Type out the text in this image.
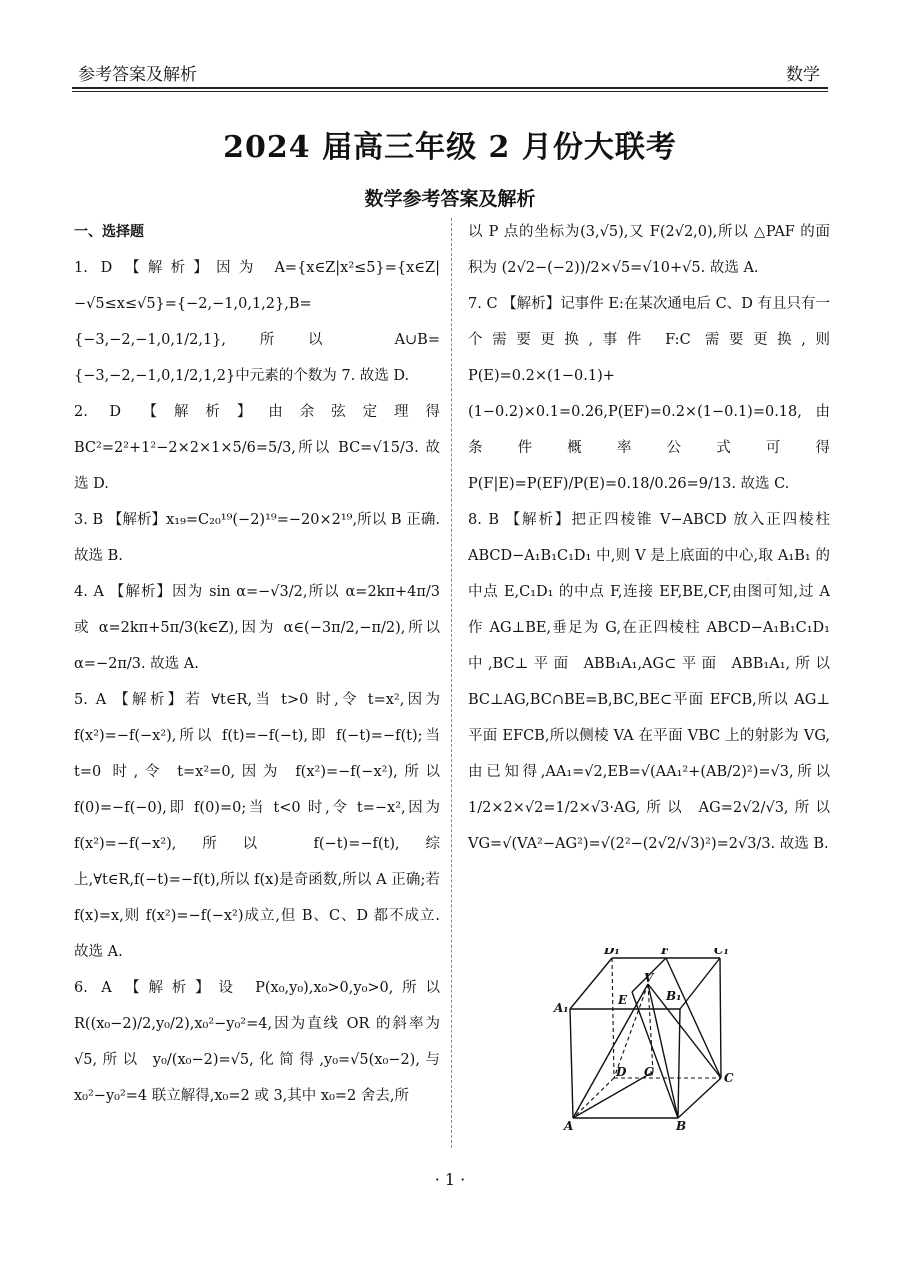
参考答案及解析	数学
2024 届高三年级 2 月份大联考
数学参考答案及解析

一、选择题

1. D 【解析】因为 A={x∈Z|x²≤5}={x∈Z|−√5≤x≤√5}={−2,−1,0,1,2},B={−3,−2,−1,0,1/2,1},所以 A∪B={−3,−2,−1,0,1/2,1,2}中元素的个数为 7. 故选 D.

2. D 【解析】由余弦定理得 BC²=2²+1²−2×2×1×5/6=5/3,所以 BC=√15/3. 故选 D.

3. B 【解析】x₁₉=C₂₀¹⁹(−2)¹⁹=−20×2¹⁹,所以 B 正确. 故选 B.

4. A 【解析】因为 sin α=−√3/2,所以 α=2kπ+4π/3 或 α=2kπ+5π/3(k∈Z),因为 α∈(−3π/2,−π/2),所以 α=−2π/3. 故选 A.

5. A 【解析】若 ∀t∈R,当 t>0 时,令 t=x²,因为 f(x²)=−f(−x²),所以 f(t)=−f(−t),即 f(−t)=−f(t);当 t=0 时,令 t=x²=0,因为 f(x²)=−f(−x²),所以 f(0)=−f(−0),即 f(0)=0;当 t<0 时,令 t=−x²,因为 f(x²)=−f(−x²),所以 f(−t)=−f(t),综上,∀t∈R,f(−t)=−f(t),所以 f(x)是奇函数,所以 A 正确;若 f(x)=x,则 f(x²)=−f(−x²)成立,但 B、C、D 都不成立. 故选 A.

6. A 【解析】设 P(x₀,y₀),x₀>0,y₀>0,所以 R((x₀−2)/2,y₀/2),x₀²−y₀²=4,因为直线 OR 的斜率为 √5,所以 y₀/(x₀−2)=√5,化简得,y₀=√5(x₀−2),与 x₀²−y₀²=4 联立解得,x₀=2 或 3,其中 x₀=2 舍去,所

以 P 点的坐标为(3,√5),又 F(2√2,0),所以 △PAF 的面积为 (2√2−(−2))/2×√5=√10+√5. 故选 A.

7. C 【解析】记事件 E:在某次通电后 C、D 有且只有一个需要更换,事件 F:C 需要更换,则 P(E)=0.2×(1−0.1)+(1−0.2)×0.1=0.26,P(EF)=0.2×(1−0.1)=0.18,由条件概率公式可得 P(F|E)=P(EF)/P(E)=0.18/0.26=9/13. 故选 C.

8. B 【解析】把正四棱锥 V−ABCD 放入正四棱柱 ABCD−A₁B₁C₁D₁ 中,则 V 是上底面的中心,取 A₁B₁ 的中点 E,C₁D₁ 的中点 F,连接 EF,BE,CF,由图可知,过 A 作 AG⊥BE,垂足为 G,在正四棱柱 ABCD−A₁B₁C₁D₁ 中,BC⊥平面 ABB₁A₁,AG⊂平面 ABB₁A₁,所以 BC⊥AG,BC∩BE=B,BC,BE⊂平面 EFCB,所以 AG⊥平面 EFCB,所以侧棱 VA 在平面 VBC 上的射影为 VG,由已知得,AA₁=√2,EB=√(AA₁²+(AB/2)²)=√3,所以 1/2×2×√2=1/2×√3·AG,所以 AG=2√2/√3,所以 VG=√(VA²−AG²)=√(2²−(2√2/√3)²)=2√3/3. 故选 B.

D₁	F	C₁
A₁
E
V
B₁
D G	C
A	B
· 1 ·
